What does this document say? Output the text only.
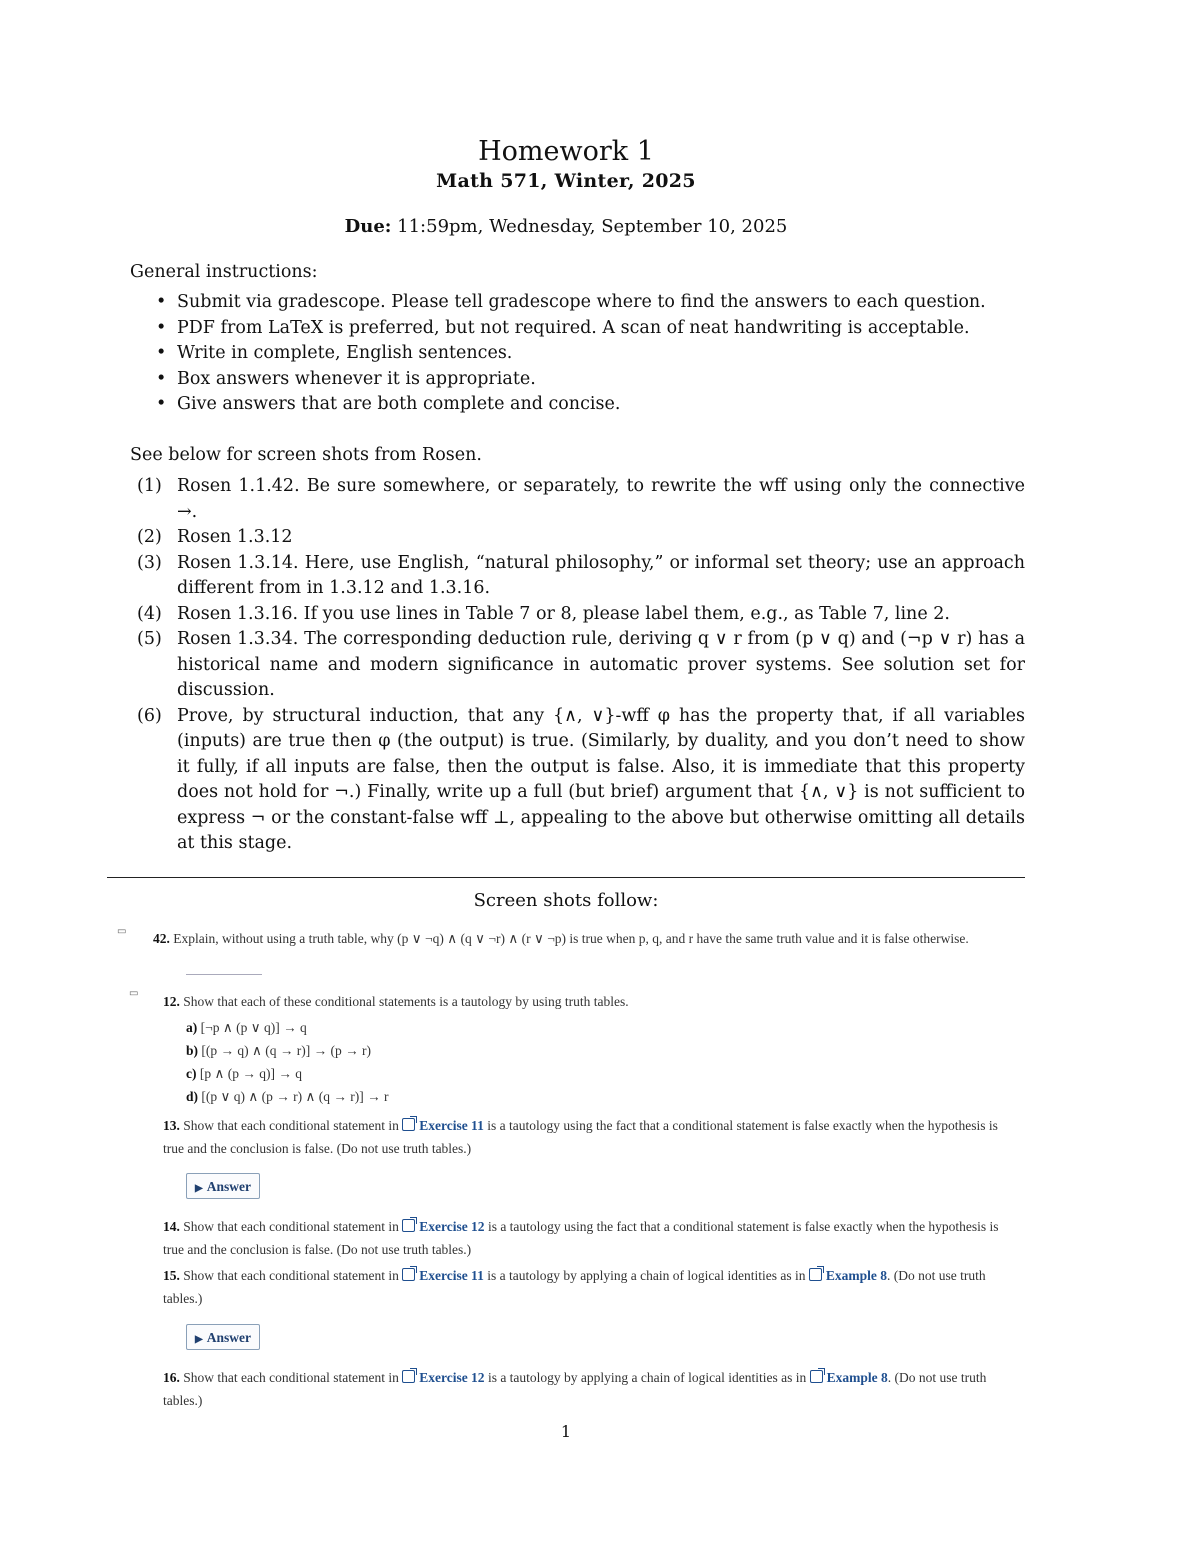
Homework 1
Math 571, Winter, 2025
Due: 11:59pm, Wednesday, September 10, 2025
General instructions:
• Submit via gradescope. Please tell gradescope where to find the answers to each question.
• PDF from LaTeX is preferred, but not required. A scan of neat handwriting is acceptable.
• Write in complete, English sentences.
• Box answers whenever it is appropriate.
• Give answers that are both complete and concise.
See below for screen shots from Rosen.
(1) Rosen 1.1.42. Be sure somewhere, or separately, to rewrite the wff using only the connective →.
(2) Rosen 1.3.12
(3) Rosen 1.3.14. Here, use English, “natural philosophy,” or informal set theory; use an approach different from in 1.3.12 and 1.3.16.
(4) Rosen 1.3.16. If you use lines in Table 7 or 8, please label them, e.g., as Table 7, line 2.
(5) Rosen 1.3.34. The corresponding deduction rule, deriving q ∨ r from (p ∨ q) and (¬p ∨ r) has a historical name and modern significance in automatic prover systems. See solution set for discussion.
(6) Prove, by structural induction, that any {∧, ∨}-wff φ has the property that, if all variables (inputs) are true then φ (the output) is true. (Similarly, by duality, and you don’t need to show it fully, if all inputs are false, then the output is false. Also, it is immediate that this property does not hold for ¬.) Finally, write up a full (but brief) argument that {∧, ∨} is not sufficient to express ¬ or the constant-false wff ⊥, appealing to the above but otherwise omitting all details at this stage.
Screen shots follow:
▭ 42. Explain, without using a truth table, why (p ∨ ¬q) ∧ (q ∨ ¬r) ∧ (r ∨ ¬p) is true when p, q, and r have the same truth value and it is false otherwise.
▭
12. Show that each of these conditional statements is a tautology by using truth tables.
a) [¬p ∧ (p ∨ q)] → q
b) [(p → q) ∧ (q → r)] → (p → r)
c) [p ∧ (p → q)] → q
d) [(p ∨ q) ∧ (p → r) ∧ (q → r)] → r
13. Show that each conditional statement in Exercise 11 is a tautology using the fact that a conditional statement is false exactly when the hypothesis is true and the conclusion is false. (Do not use truth tables.)
▶ Answer
14. Show that each conditional statement in Exercise 12 is a tautology using the fact that a conditional statement is false exactly when the hypothesis is true and the conclusion is false. (Do not use truth tables.)
15. Show that each conditional statement in Exercise 11 is a tautology by applying a chain of logical identities as in Example 8. (Do not use truth tables.)
▶ Answer
16. Show that each conditional statement in Exercise 12 is a tautology by applying a chain of logical identities as in Example 8. (Do not use truth tables.)
1
